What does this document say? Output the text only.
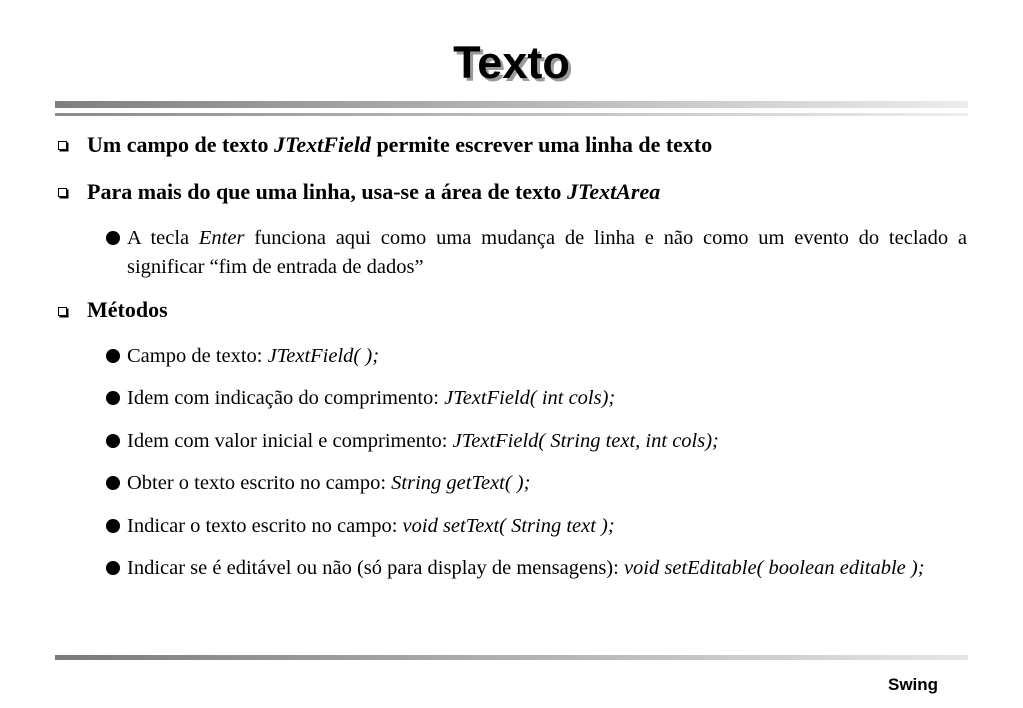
Texto
Um campo de texto JTextField permite escrever uma linha de texto
Para mais do que uma linha, usa-se a área de texto JTextArea
A tecla Enter funciona aqui como uma mudança de linha e não como um evento do teclado a significar “fim de entrada de dados”
Métodos
Campo de texto: JTextField( );
Idem com indicação do comprimento: JTextField( int cols);
Idem com valor inicial e comprimento: JTextField( String text, int cols);
Obter o texto escrito no campo: String getText( );
Indicar o texto escrito no campo: void setText( String text );
Indicar se é editável ou não (só para display de mensagens): void setEditable( boolean editable );
Swing
